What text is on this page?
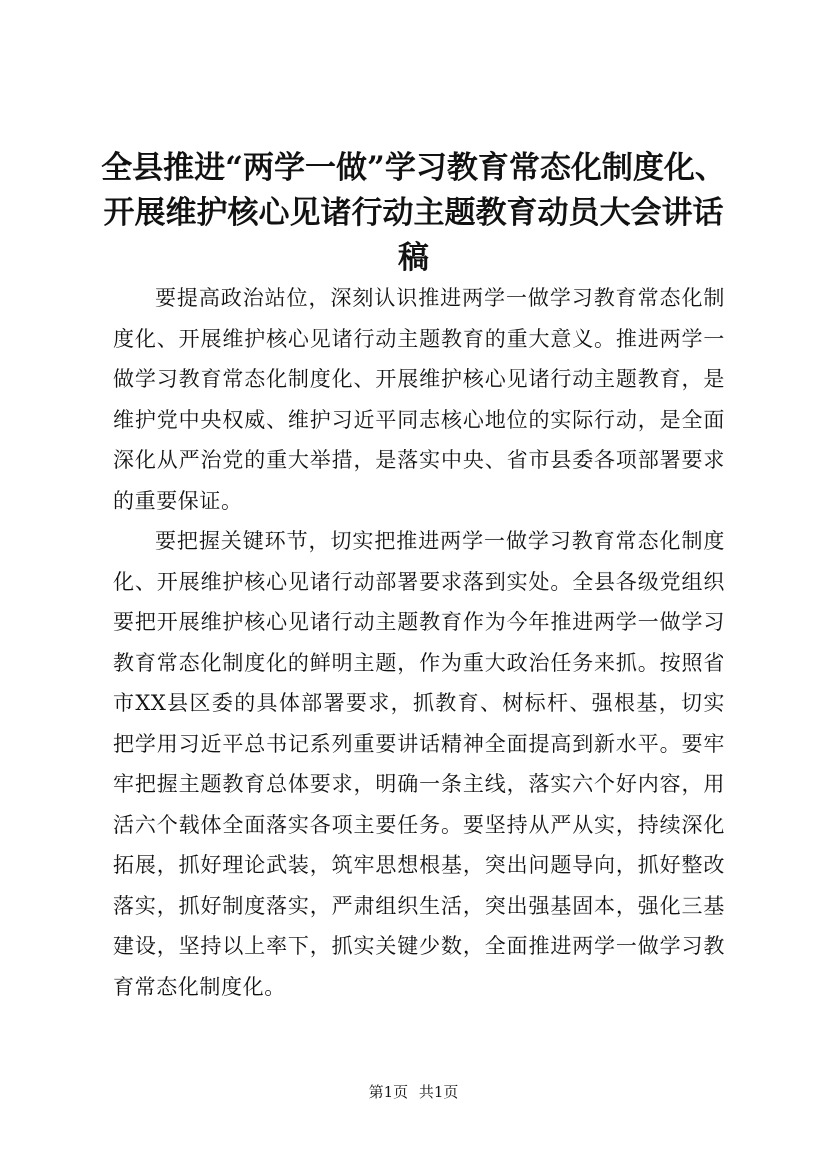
全县推进“两学一做”学习教育常态化制度化、开展维护核心见诸行动主题教育动员大会讲话稿

要提高政治站位，深刻认识推进两学一做学习教育常态化制度化、开展维护核心见诸行动主题教育的重大意义。推进两学一做学习教育常态化制度化、开展维护核心见诸行动主题教育，是维护党中央权威、维护习近平同志核心地位的实际行动，是全面深化从严治党的重大举措，是落实中央、省市县委各项部署要求的重要保证。

要把握关键环节，切实把推进两学一做学习教育常态化制度化、开展维护核心见诸行动部署要求落到实处。全县各级党组织要把开展维护核心见诸行动主题教育作为今年推进两学一做学习教育常态化制度化的鲜明主题，作为重大政治任务来抓。按照省市XX县区委的具体部署要求，抓教育、树标杆、强根基，切实把学用习近平总书记系列重要讲话精神全面提高到新水平。要牢牢把握主题教育总体要求，明确一条主线，落实六个好内容，用活六个载体全面落实各项主要任务。要坚持从严从实，持续深化拓展，抓好理论武装，筑牢思想根基，突出问题导向，抓好整改落实，抓好制度落实，严肃组织生活，突出强基固本，强化三基建设，坚持以上率下，抓实关键少数，全面推进两学一做学习教育常态化制度化。

第1页 共1页
